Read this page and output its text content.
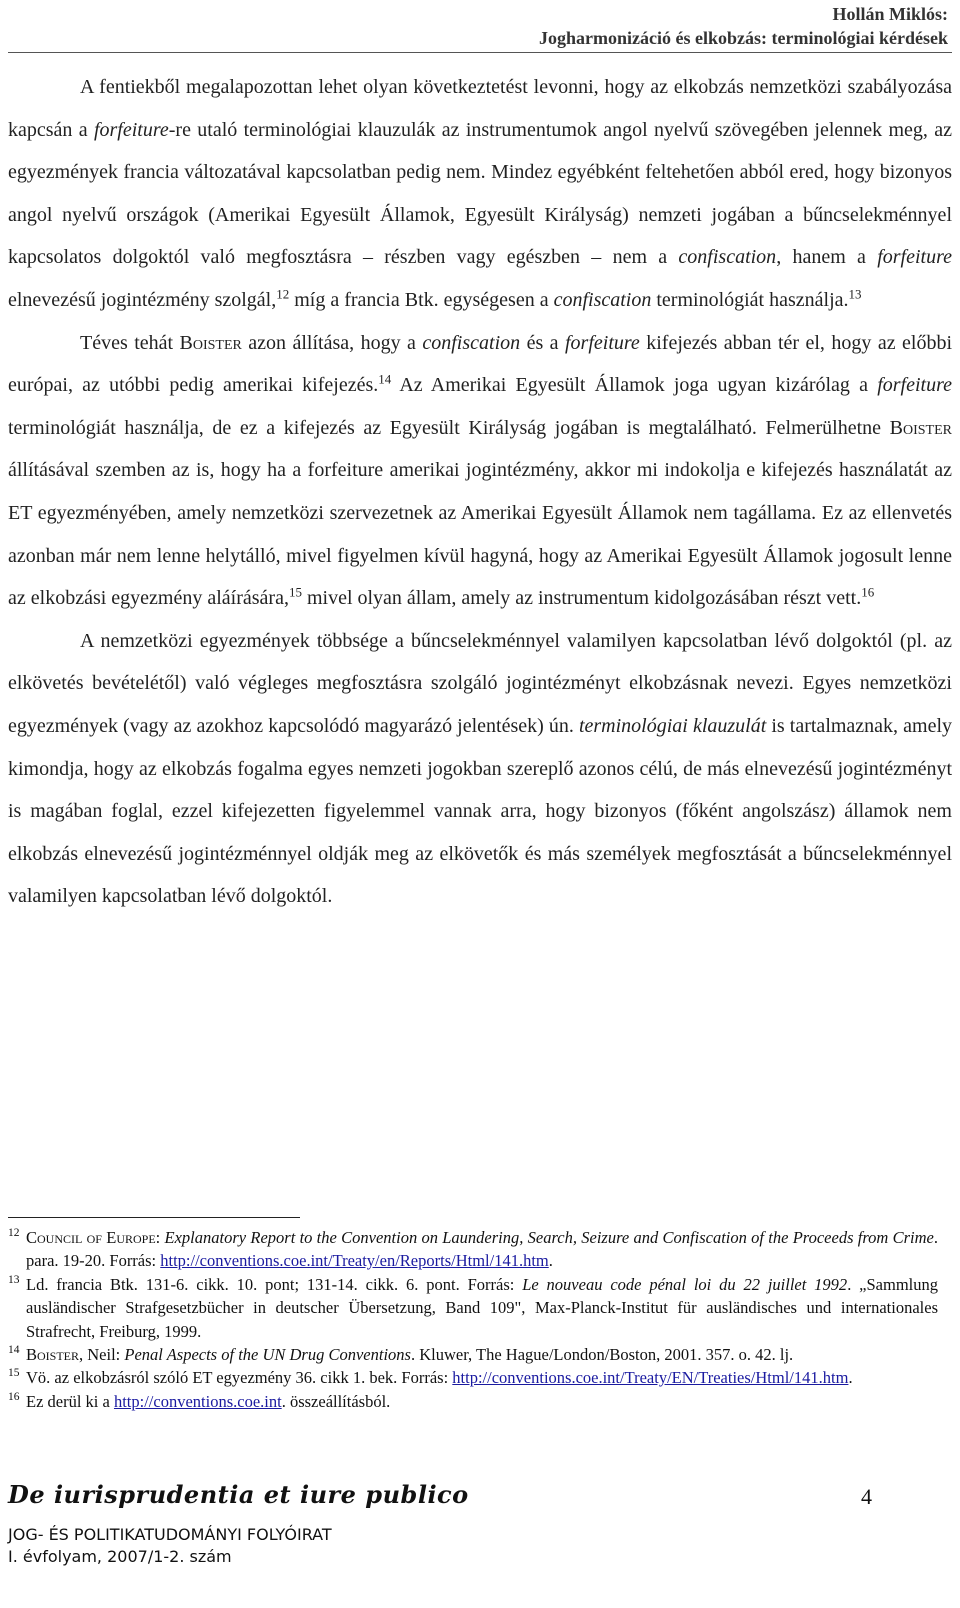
Hollán Miklós:
Jogharmonizáció és elkobzás: terminológiai kérdések

A fentiekből megalapozottan lehet olyan következtetést levonni, hogy az elkobzás nemzetközi szabályozása kapcsán a forfeiture-re utaló terminológiai klauzulák az instrumentumok angol nyelvű szövegében jelennek meg, az egyezmények francia változatával kapcsolatban pedig nem. Mindez egyébként feltehetően abból ered, hogy bizonyos angol nyelvű országok (Amerikai Egyesült Államok, Egyesült Királyság) nemzeti jogában a bűncselekménnyel kapcsolatos dolgoktól való megfosztásra – részben vagy egészben – nem a confiscation, hanem a forfeiture elnevezésű jogintézmény szolgál,$^{12}$ míg a francia Btk. egységesen a confiscation terminológiát használja.$^{13}$

Téves tehát Boister azon állítása, hogy a confiscation és a forfeiture kifejezés abban tér el, hogy az előbbi európai, az utóbbi pedig amerikai kifejezés.$^{14}$ Az Amerikai Egyesült Államok joga ugyan kizárólag a forfeiture terminológiát használja, de ez a kifejezés az Egyesült Királyság jogában is megtalálható. Felmerülhetne Boister állításával szemben az is, hogy ha a forfeiture amerikai jogintézmény, akkor mi indokolja e kifejezés használatát az ET egyezményében, amely nemzetközi szervezetnek az Amerikai Egyesült Államok nem tagállama. Ez az ellenvetés azonban már nem lenne helytálló, mivel figyelmen kívül hagyná, hogy az Amerikai Egyesült Államok jogosult lenne az elkobzási egyezmény aláírására,$^{15}$ mivel olyan állam, amely az instrumentum kidolgozásában részt vett.$^{16}$

A nemzetközi egyezmények többsége a bűncselekménnyel valamilyen kapcsolatban lévő dolgoktól (pl. az elkövetés bevételétől) való végleges megfosztásra szolgáló jogintézményt elkobzásnak nevezi. Egyes nemzetközi egyezmények (vagy az azokhoz kapcsolódó magyarázó jelentések) ún. terminológiai klauzulát is tartalmaznak, amely kimondja, hogy az elkobzás fogalma egyes nemzeti jogokban szereplő azonos célú, de más elnevezésű jogintézményt is magában foglal, ezzel kifejezetten figyelemmel vannak arra, hogy bizonyos (főként angolszász) államok nem elkobzás elnevezésű jogintézménnyel oldják meg az elkövetők és más személyek megfosztását a bűncselekménnyel valamilyen kapcsolatban lévő dolgoktól.

12 Council of Europe: Explanatory Report to the Convention on Laundering, Search, Seizure and Confiscation of the Proceeds from Crime. para. 19-20. Forrás: http://conventions.coe.int/Treaty/en/Reports/Html/141.htm.

13 Ld. francia Btk. 131-6. cikk. 10. pont; 131-14. cikk. 6. pont. Forrás: Le nouveau code pénal loi du 22 juillet 1992. „Sammlung ausländischer Strafgesetzbücher in deutscher Übersetzung, Band 109", Max-Planck-Institut für ausländisches und internationales Strafrecht, Freiburg, 1999.

14 Boister, Neil: Penal Aspects of the UN Drug Conventions. Kluwer, The Hague/London/Boston, 2001. 357. o. 42. lj.

15 Vö. az elkobzásról szóló ET egyezmény 36. cikk 1. bek. Forrás: http://conventions.coe.int/Treaty/EN/Treaties/Html/141.htm.

16 Ez derül ki a http://conventions.coe.int. összeállításból.

De iurisprudentia et iure publico	4
JOG- ÉS POLITIKATUDOMÁNYI FOLYÓIRAT
I. évfolyam, 2007/1-2. szám
